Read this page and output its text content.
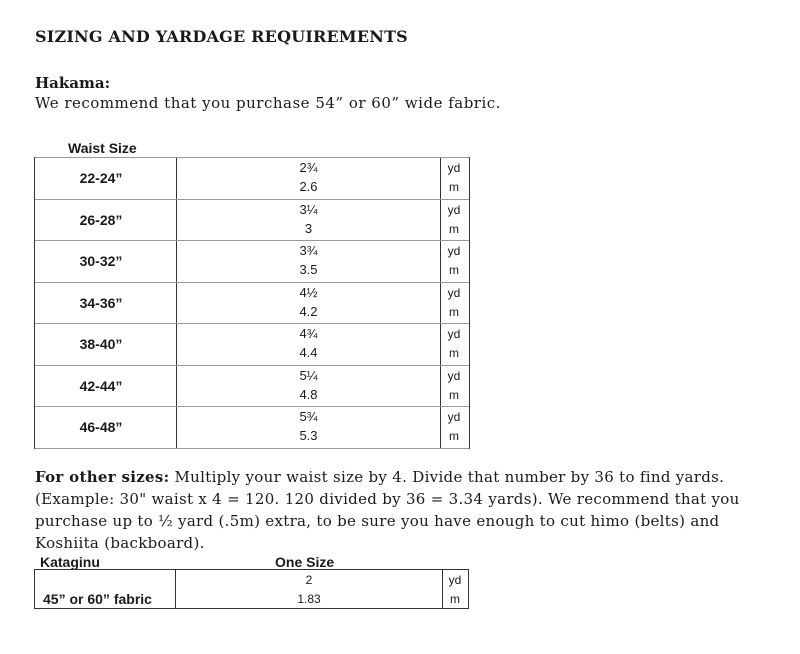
SIZING AND YARDAGE REQUIREMENTS
Hakama:
We recommend that you purchase 54” or 60” wide fabric.
Waist Size
22-24”
2¾
2.6
yd
m
26-28”
3¼
3
yd
m
30-32”
3¾
3.5
yd
m
34-36”
4½
4.2
yd
m
38-40”
4¾
4.4
yd
m
42-44”
5¼
4.8
yd
m
46-48”
5¾
5.3
yd
m
For other sizes: Multiply your waist size by 4. Divide that number by 36 to find yards. (Example: 30" waist x 4 = 120. 120 divided by 36 = 3.34 yards). We recommend that you purchase up to ½ yard (.5m) extra, to be sure you have enough to cut himo (belts) and Koshiita (backboard).
Kataginu	One Size
45” or 60” fabric
2
1.83
yd
m
